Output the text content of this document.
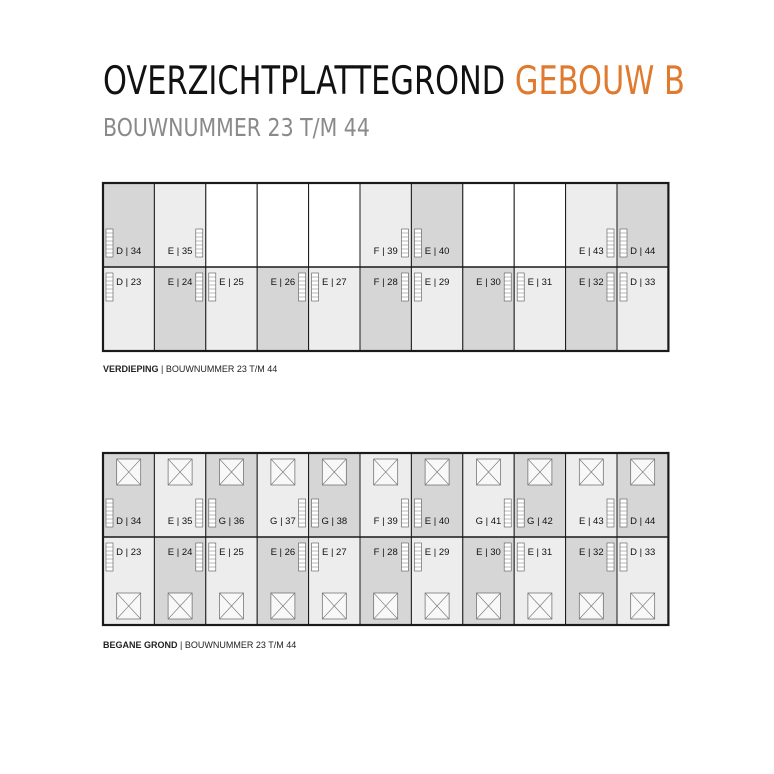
OVERZICHTPLATTEGROND GEBOUW B
BOUWNUMMER 23 T/M 44
D | 34	E | 35	F | 39	E | 40	E | 43	D | 44
D | 23	E | 24	E | 25	E | 26	E | 27	F | 28	E | 29	E | 30	E | 31	E | 32	D | 33
VERDIEPING | BOUWNUMMER 23 T/M 44
D | 34	E | 35	G | 36	G | 37	G | 38	F | 39	E | 40	G | 41	G | 42	E | 43	D | 44
D | 23	E | 24	E | 25	E | 26	E | 27	F | 28	E | 29	E | 30	E | 31	E | 32	D | 33
BEGANE GROND | BOUWNUMMER 23 T/M 44
